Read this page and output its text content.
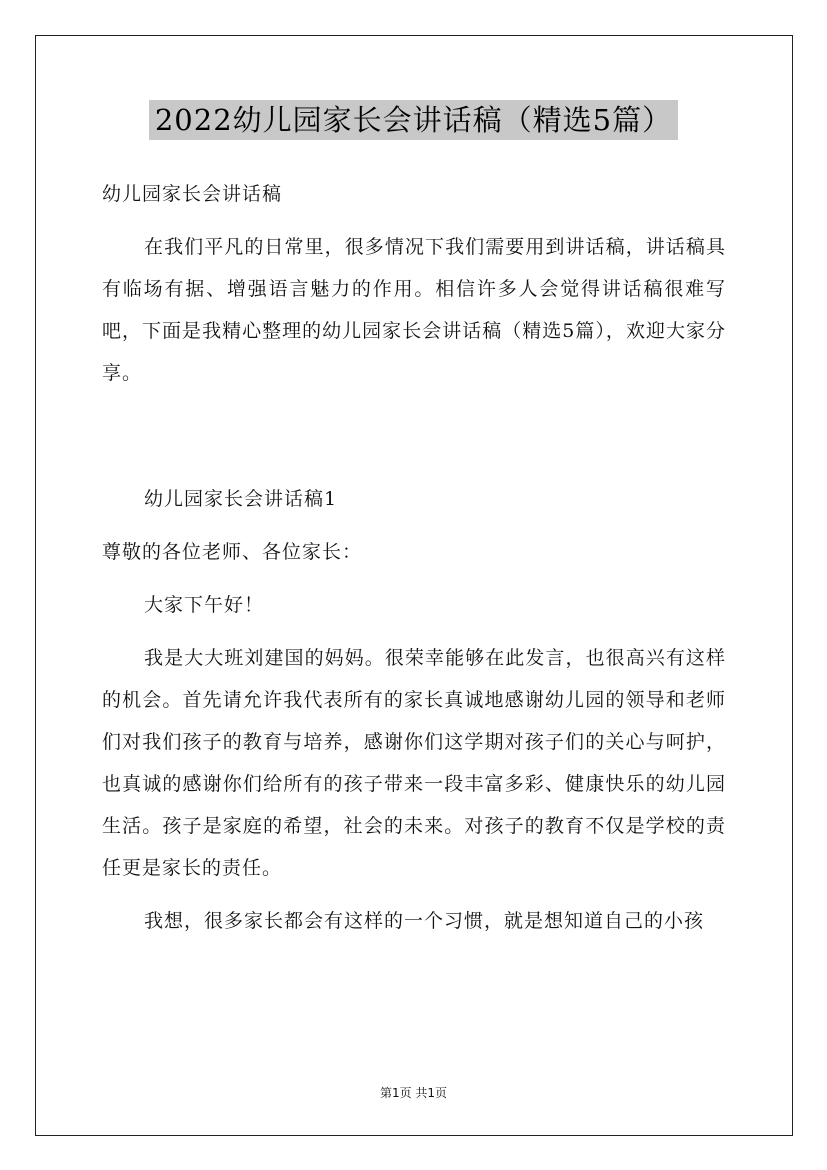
2022幼儿园家长会讲话稿（精选5篇）

幼儿园家长会讲话稿

在我们平凡的日常里，很多情况下我们需要用到讲话稿，讲话稿具有临场有据、增强语言魅力的作用。相信许多人会觉得讲话稿很难写吧，下面是我精心整理的幼儿园家长会讲话稿（精选5篇），欢迎大家分享。

幼儿园家长会讲话稿1

尊敬的各位老师、各位家长：

大家下午好！

我是大大班刘建国的妈妈。很荣幸能够在此发言，也很高兴有这样的机会。首先请允许我代表所有的家长真诚地感谢幼儿园的领导和老师们对我们孩子的教育与培养，感谢你们这学期对孩子们的关心与呵护，也真诚的感谢你们给所有的孩子带来一段丰富多彩、健康快乐的幼儿园生活。孩子是家庭的希望，社会的未来。对孩子的教育不仅是学校的责任更是家长的责任。

我想，很多家长都会有这样的一个习惯，就是想知道自己的小孩

第1页 共1页
